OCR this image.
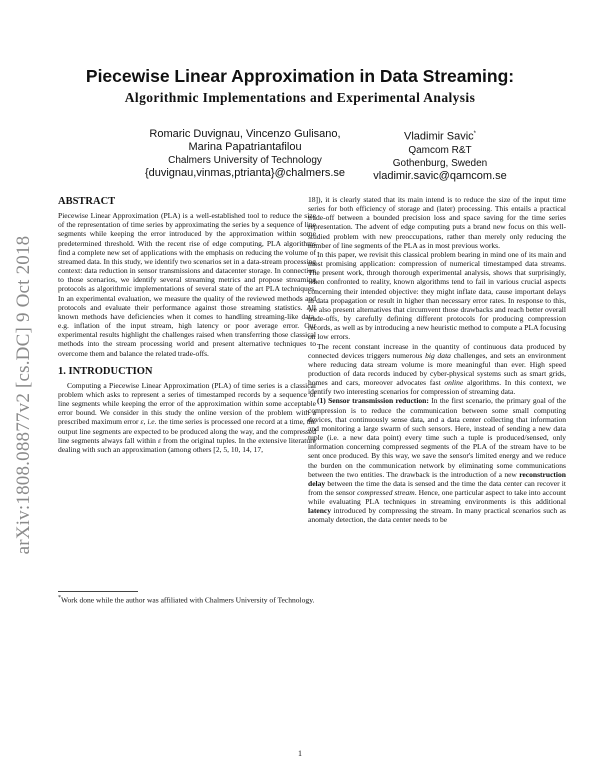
arXiv:1808.08877v2 [cs.DC] 9 Oct 2018
Piecewise Linear Approximation in Data Streaming:
Algorithmic Implementations and Experimental Analysis
Romaric Duvignau, Vincenzo Gulisano,
Marina Papatriantafilou
Chalmers University of Technology
{duvignau,vinmas,ptrianta}@chalmers.se
Vladimir Savic*
Qamcom R&T
Gothenburg, Sweden
vladimir.savic@qamcom.se
ABSTRACT

Piecewise Linear Approximation (PLA) is a well-established tool to reduce the size of the representation of time series by approximating the series by a sequence of line segments while keeping the error introduced by the approximation within some predetermined threshold. With the recent rise of edge computing, PLA algorithms find a complete new set of applications with the emphasis on reducing the volume of streamed data. In this study, we identify two scenarios set in a data-stream processing context: data reduction in sensor transmissions and datacenter storage. In connection to those scenarios, we identify several streaming metrics and propose streaming protocols as algorithmic implementations of several state of the art PLA techniques. In an experimental evaluation, we measure the quality of the reviewed methods and protocols and evaluate their performance against those streaming statistics. All known methods have deficiencies when it comes to handling streaming-like data, e.g. inflation of the input stream, high latency or poor average error. Our experimental results highlight the challenges raised when transferring those classical methods into the stream processing world and present alternative techniques to overcome them and balance the related trade-offs.

1. INTRODUCTION

Computing a Piecewise Linear Approximation (PLA) of time series is a classical problem which asks to represent a series of timestamped records by a sequence of line segments while keeping the error of the approximation within some acceptable error bound. We consider in this study the online version of the problem with a prescribed maximum error ε, i.e. the time series is processed one record at a time, the output line segments are expected to be produced along the way, and the compressed line segments always fall within ε from the original tuples. In the extensive literature dealing with such an approximation (among others [2, 5, 10, 14, 17,

*Work done while the author was affiliated with Chalmers University of Technology.

18]), it is clearly stated that its main intend is to reduce the size of the input time series for both efficiency of storage and (later) processing. This entails a practical trade-off between a bounded precision loss and space saving for the time series representation. The advent of edge computing puts a brand new focus on this well-studied problem with new preoccupations, rather than merely only reducing the number of line segments of the PLA as in most previous works.

In this paper, we revisit this classical problem bearing in mind one of its main and most promising application: compression of numerical timestamped data streams. The present work, through thorough experimental analysis, shows that surprisingly, when confronted to reality, known algorithms tend to fail in various crucial aspects concerning their intended objective: they might inflate data, cause important delays in data propagation or result in higher than necessary error rates. In response to this, we also present alternatives that circumvent those drawbacks and reach better overall trade-offs, by carefully defining different protocols for producing compression records, as well as by introducing a new heuristic method to compute a PLA focusing on low errors.

The recent constant increase in the quantity of continuous data produced by connected devices triggers numerous big data challenges, and sets an environment where reducing data stream volume is more meaningful than ever. High speed production of data records induced by cyber-physical systems such as smart grids, homes and cars, moreover advocates fast online algorithms. In this context, we identify two interesting scenarios for compression of streaming data.

(1) Sensor transmission reduction: In the first scenario, the primary goal of the compression is to reduce the communication between some small computing devices, that continuously sense data, and a data center collecting that information and monitoring a large swarm of such sensors. Here, instead of sending a new data tuple (i.e. a new data point) every time such a tuple is produced/sensed, only information concerning compressed segments of the PLA of the stream have to be sent once produced. By this way, we save the sensor's limited energy and we reduce the burden on the communication network by eliminating some communications between the two entities. The drawback is the introduction of a new reconstruction delay between the time the data is sensed and the time the data center can recover it from the sensor compressed stream. Hence, one particular aspect to take into account while evaluating PLA techniques in streaming environments is this additional latency introduced by compressing the stream. In many practical scenarios such as anomaly detection, the data center needs to be

1
